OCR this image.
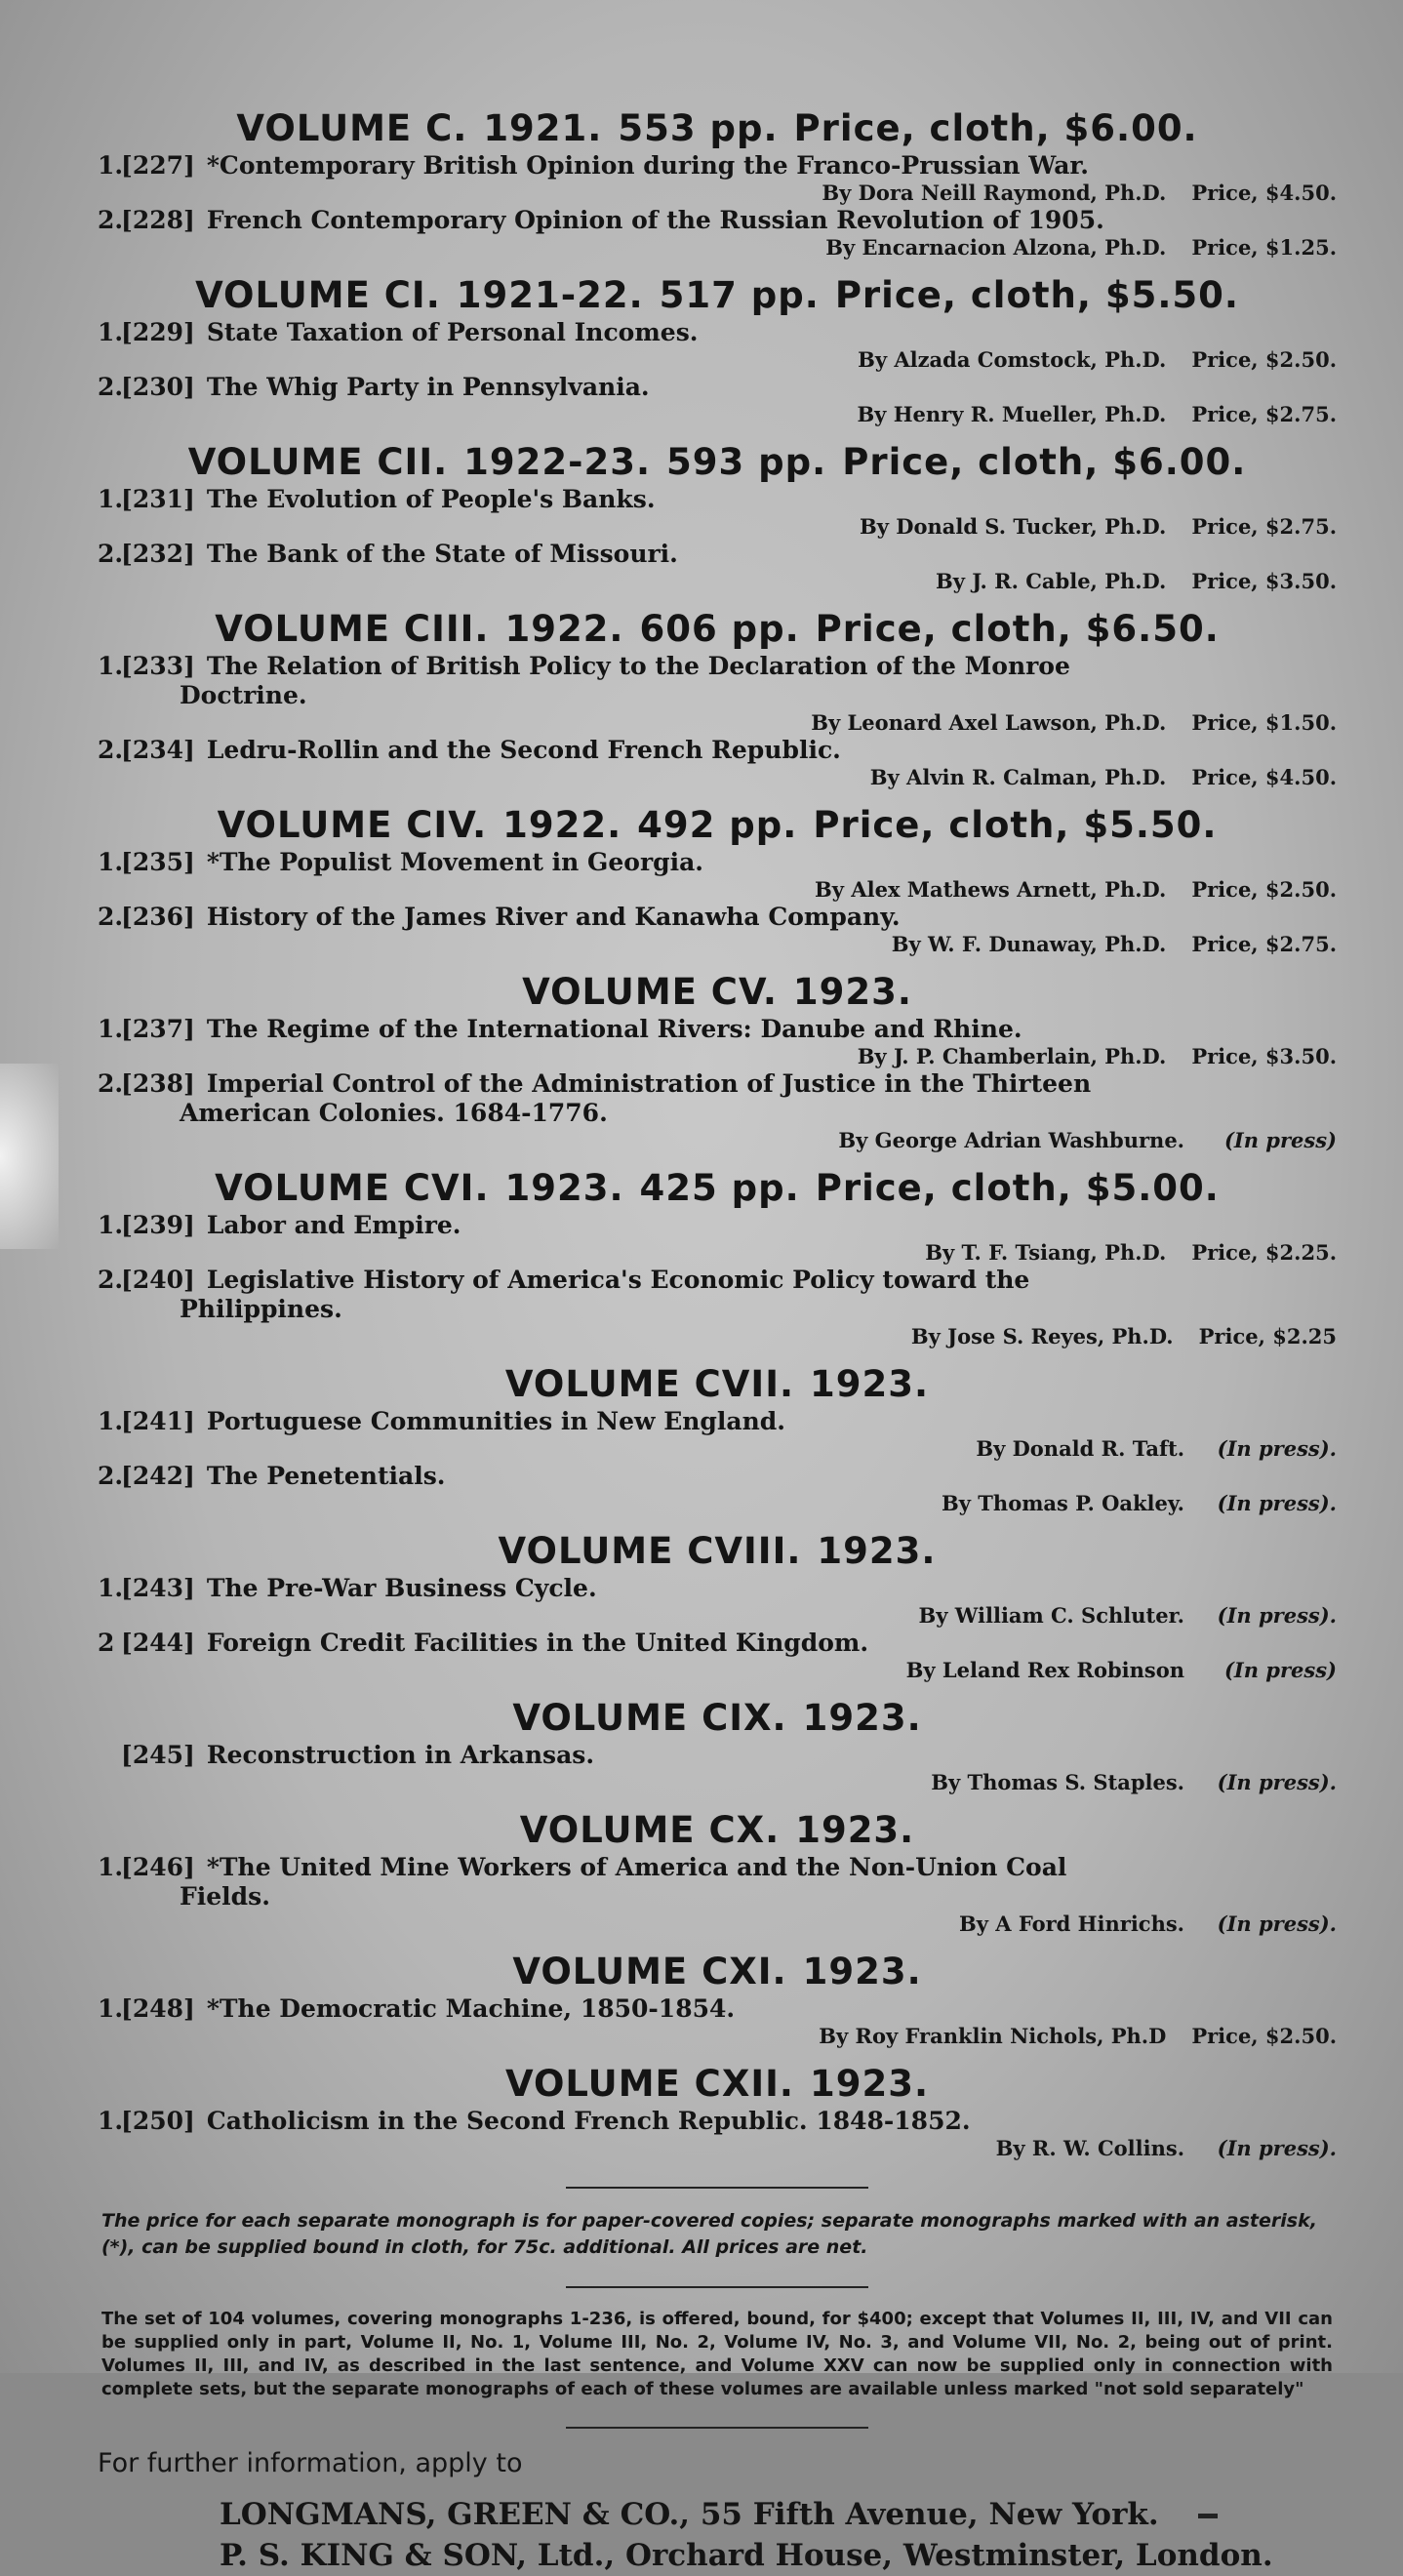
VOLUME C. 1921. 553 pp. Price, cloth, $6.00.
1.[227] *Contemporary British Opinion during the Franco-Prussian War.
By Dora Neill Raymond, Ph.D. Price, $4.50.
2.[228] French Contemporary Opinion of the Russian Revolution of 1905.
By Encarnacion Alzona, Ph.D. Price, $1.25.
VOLUME CI. 1921-22. 517 pp. Price, cloth, $5.50.
1.[229] State Taxation of Personal Incomes.
By Alzada Comstock, Ph.D. Price, $2.50.
2.[230] The Whig Party in Pennsylvania.
By Henry R. Mueller, Ph.D. Price, $2.75.
VOLUME CII. 1922-23. 593 pp. Price, cloth, $6.00.
1.[231] The Evolution of People's Banks.
By Donald S. Tucker, Ph.D. Price, $2.75.
2.[232] The Bank of the State of Missouri.
By J. R. Cable, Ph.D. Price, $3.50.
VOLUME CIII. 1922. 606 pp. Price, cloth, $6.50.
1.[233] The Relation of British Policy to the Declaration of the Monroe
Doctrine.
By Leonard Axel Lawson, Ph.D. Price, $1.50.
2.[234] Ledru-Rollin and the Second French Republic.
By Alvin R. Calman, Ph.D. Price, $4.50.
VOLUME CIV. 1922. 492 pp. Price, cloth, $5.50.
1.[235] *The Populist Movement in Georgia.
By Alex Mathews Arnett, Ph.D. Price, $2.50.
2.[236] History of the James River and Kanawha Company.
By W. F. Dunaway, Ph.D. Price, $2.75.
VOLUME CV. 1923.
1.[237] The Regime of the International Rivers: Danube and Rhine.
By J. P. Chamberlain, Ph.D. Price, $3.50.
2.[238] Imperial Control of the Administration of Justice in the Thirteen
American Colonies. 1684-1776.
By George Adrian Washburne. (In press)
VOLUME CVI. 1923. 425 pp. Price, cloth, $5.00.
1.[239] Labor and Empire.
By T. F. Tsiang, Ph.D. Price, $2.25.
2.[240] Legislative History of America's Economic Policy toward the
Philippines.
By Jose S. Reyes, Ph.D. Price, $2.25
VOLUME CVII. 1923.
1.[241] Portuguese Communities in New England.
By Donald R. Taft. (In press).
2.[242] The Penetentials.
By Thomas P. Oakley. (In press).
VOLUME CVIII. 1923.
1.[243] The Pre-War Business Cycle.
By William C. Schluter. (In press).
2 [244] Foreign Credit Facilities in the United Kingdom.
By Leland Rex Robinson (In press)
VOLUME CIX. 1923.
[245] Reconstruction in Arkansas.
By Thomas S. Staples. (In press).
VOLUME CX. 1923.
1.[246] *The United Mine Workers of America and the Non-Union Coal
Fields.
By A Ford Hinrichs. (In press).
VOLUME CXI. 1923.
1.[248] *The Democratic Machine, 1850-1854.
By Roy Franklin Nichols, Ph.D Price, $2.50.
VOLUME CXII. 1923.
1.[250] Catholicism in the Second French Republic. 1848-1852.
By R. W. Collins. (In press).
The price for each separate monograph is for paper-covered copies; separate monographs marked with an asterisk, (*), can be supplied bound in cloth, for 75c. additional. All prices are net.
The set of 104 volumes, covering monographs 1-236, is offered, bound, for $400; except that Volumes II, III, IV, and VII can be supplied only in part, Volume II, No. 1, Volume III, No. 2, Volume IV, No. 3, and Volume VII, No. 2, being out of print. Volumes II, III, and IV, as described in the last sentence, and Volume XXV can now be supplied only in connection with complete sets, but the separate monographs of each of these volumes are available unless marked "not sold separately"
For further information, apply to
LONGMANS, GREEN & CO., 55 Fifth Avenue, New York.
P. S. KING & SON, Ltd., Orchard House, Westminster, London.
